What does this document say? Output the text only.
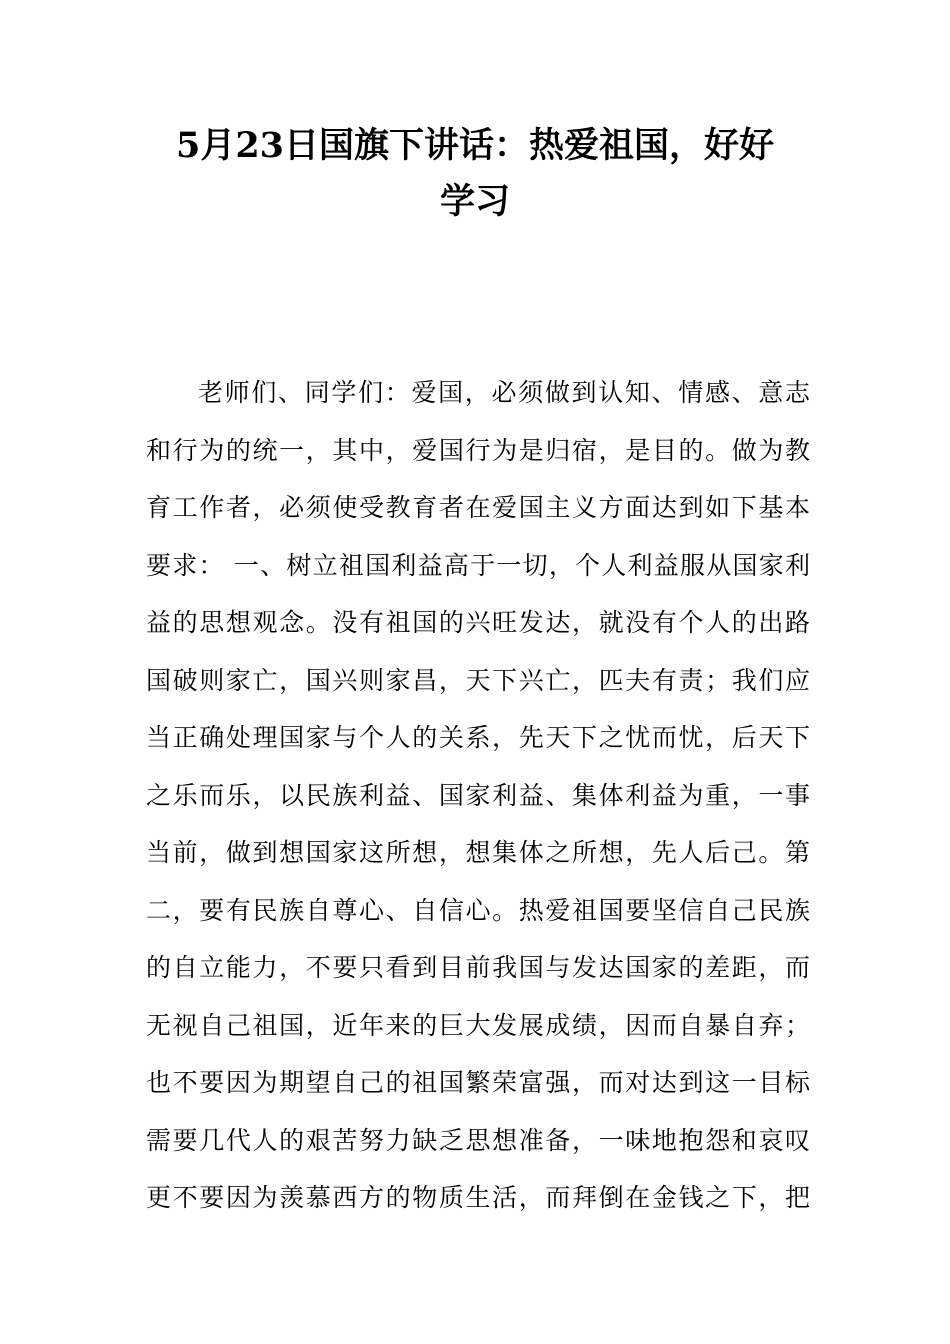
5月23日国旗下讲话：热爱祖国，好好
学习
老师们、同学们：爱国，必须做到认知、情感、意志
和行为的统一，其中，爱国行为是归宿，是目的。做为教
育工作者，必须使受教育者在爱国主义方面达到如下基本
要求： 一、树立祖国利益高于一切，个人利益服从国家利
益的思想观念。没有祖国的兴旺发达，就没有个人的出路
国破则家亡，国兴则家昌，天下兴亡，匹夫有责；我们应
当正确处理国家与个人的关系，先天下之忧而忧，后天下
之乐而乐，以民族利益、国家利益、集体利益为重，一事
当前，做到想国家这所想，想集体之所想，先人后己。第
二，要有民族自尊心、自信心。热爱祖国要坚信自己民族
的自立能力，不要只看到目前我国与发达国家的差距，而
无视自己祖国，近年来的巨大发展成绩，因而自暴自弃；
也不要因为期望自己的祖国繁荣富强，而对达到这一目标
需要几代人的艰苦努力缺乏思想准备，一味地抱怨和哀叹
更不要因为羡慕西方的物质生活，而拜倒在金钱之下，把
